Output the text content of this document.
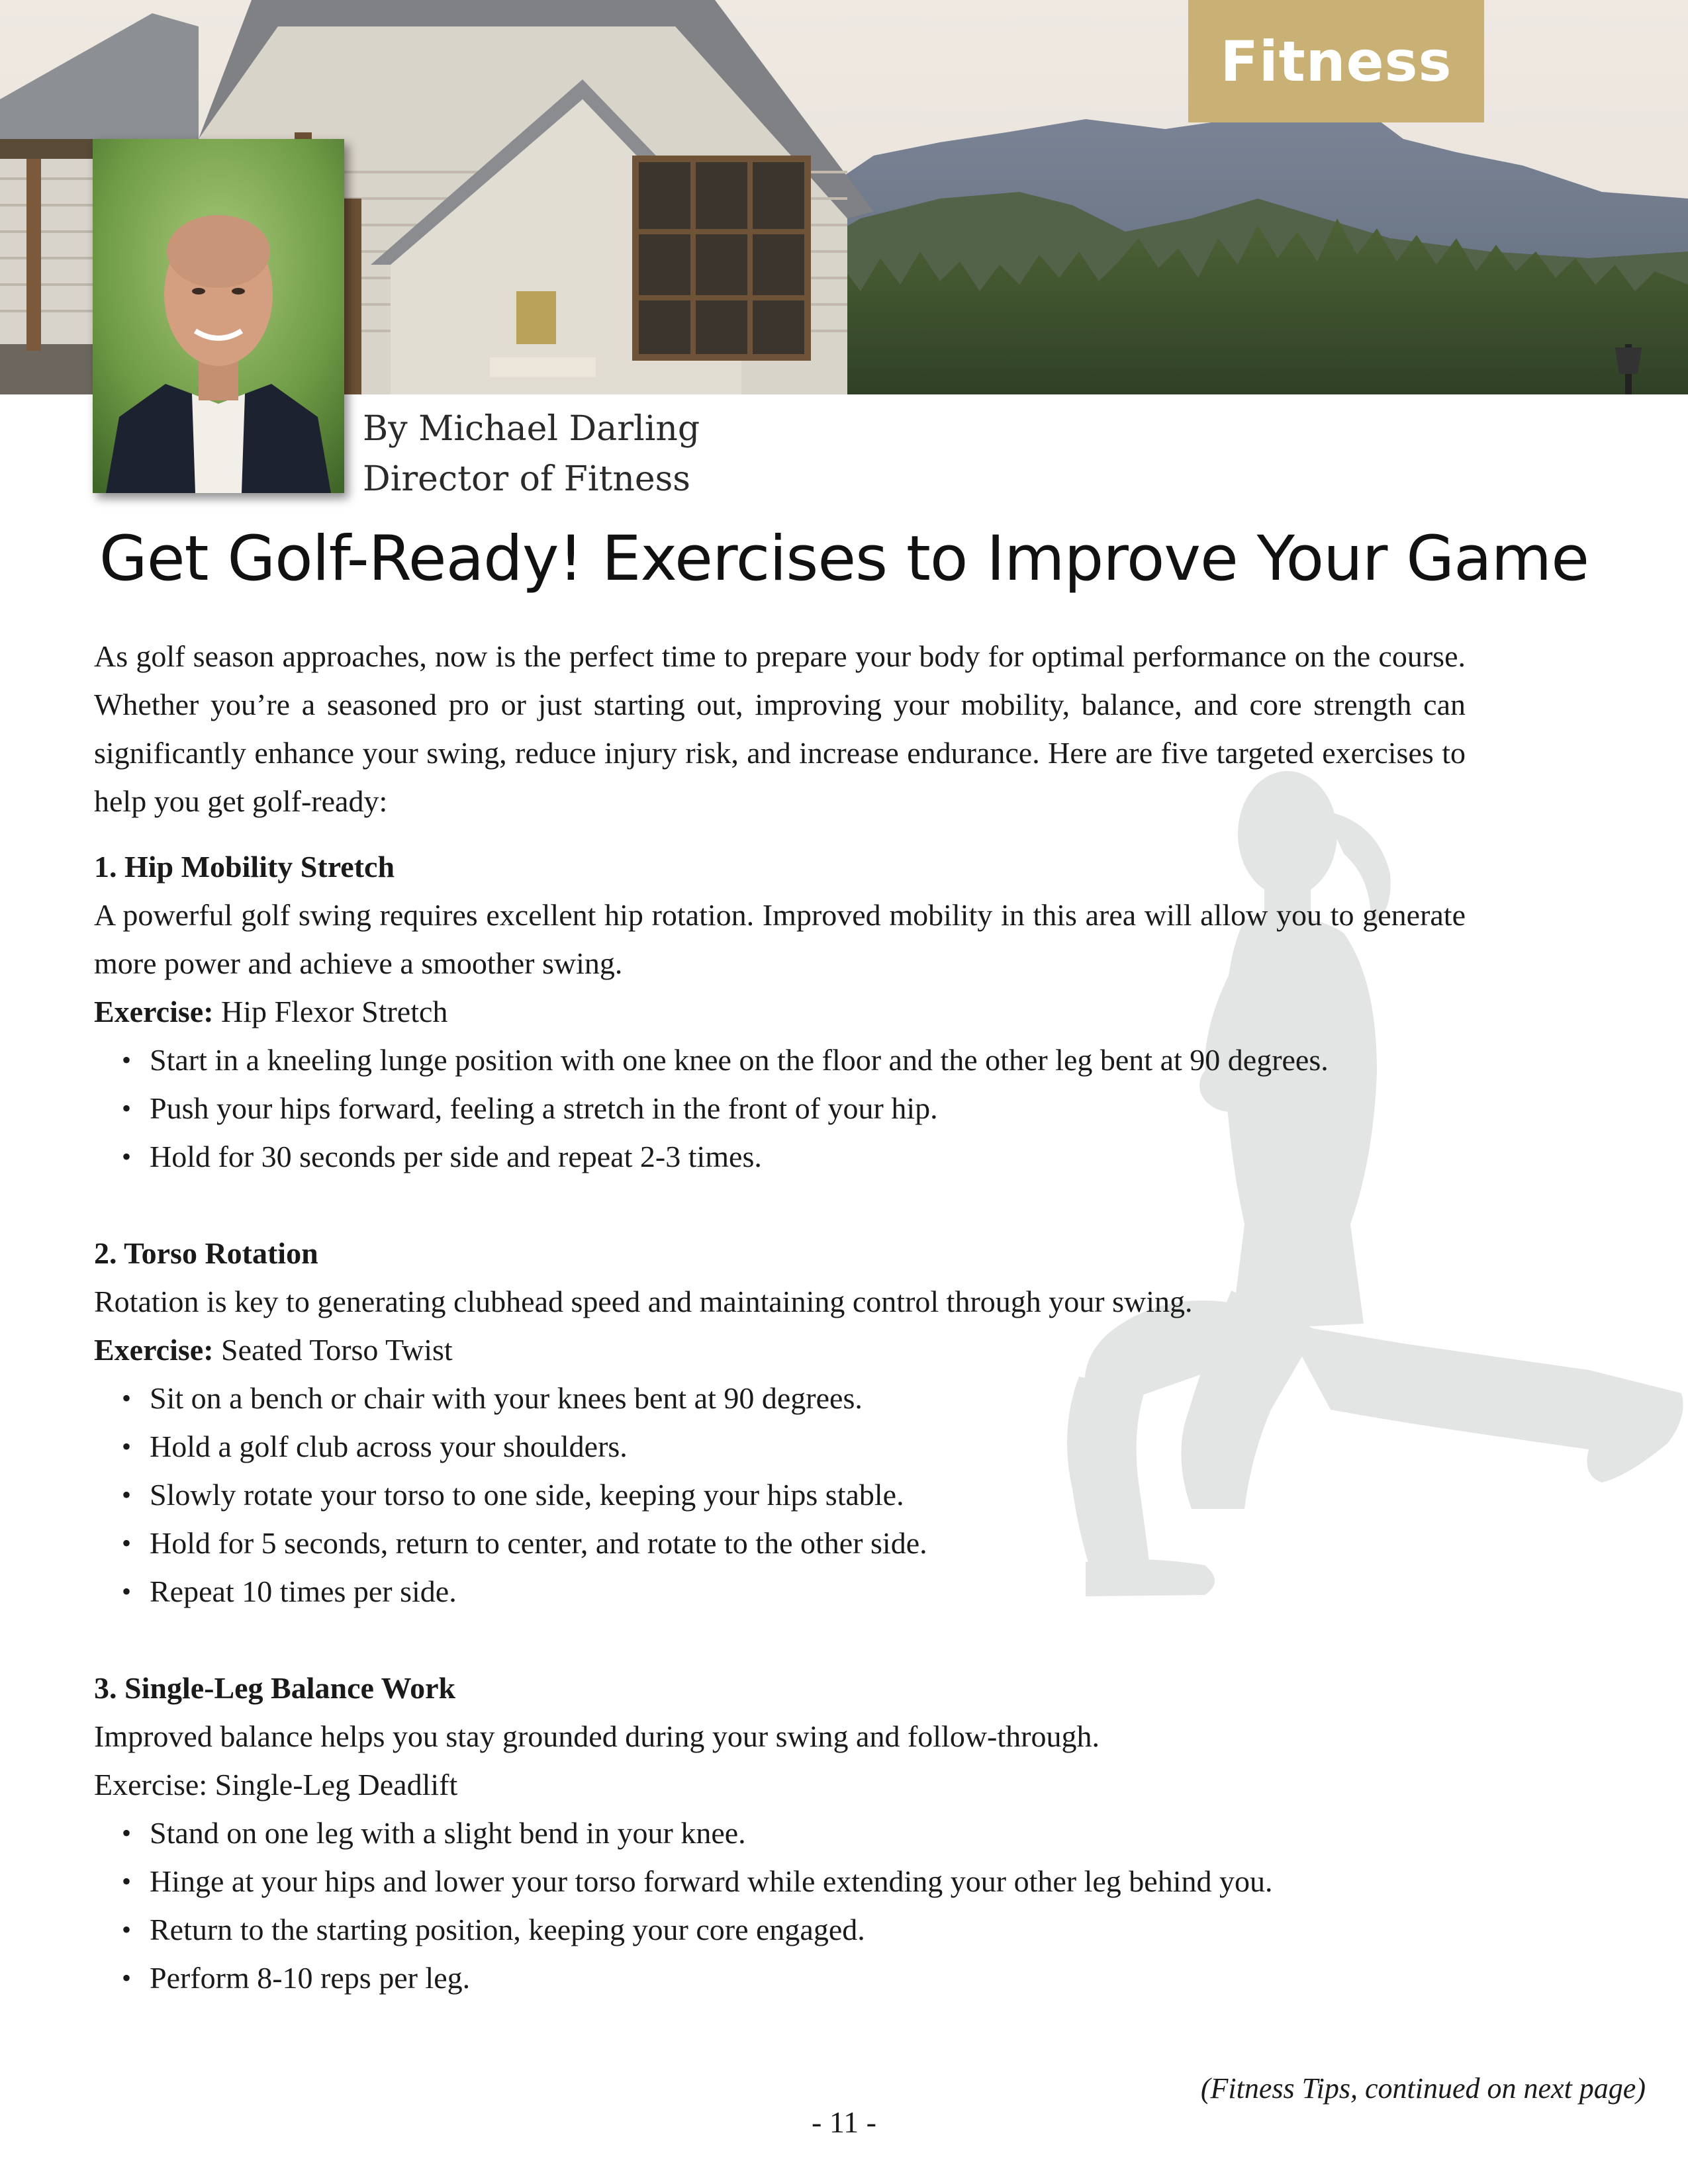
Fitness
By Michael Darling
Director of Fitness
Get Golf-Ready! Exercises to Improve Your Game

As golf season approaches, now is the perfect time to prepare your body for optimal performance on the course. Whether you’re a seasoned pro or just starting out, improving your mobility, balance, and core strength can significantly enhance your swing, reduce injury risk, and increase endurance. Here are five targeted exercises to help you get golf-ready:

1. Hip Mobility Stretch

A powerful golf swing requires excellent hip rotation. Improved mobility in this area will allow you to generate more power and achieve a smoother swing.

Exercise: Hip Flexor Stretch
• Start in a kneeling lunge position with one knee on the floor and the other leg bent at 90 degrees.
• Push your hips forward, feeling a stretch in the front of your hip.
• Hold for 30 seconds per side and repeat 2-3 times.
2. Torso Rotation

Rotation is key to generating clubhead speed and maintaining control through your swing.

Exercise: Seated Torso Twist
• Sit on a bench or chair with your knees bent at 90 degrees.
• Hold a golf club across your shoulders.
• Slowly rotate your torso to one side, keeping your hips stable.
• Hold for 5 seconds, return to center, and rotate to the other side.
• Repeat 10 times per side.
3. Single-Leg Balance Work

Improved balance helps you stay grounded during your swing and follow-through.

Exercise: Single-Leg Deadlift
• Stand on one leg with a slight bend in your knee.
• Hinge at your hips and lower your torso forward while extending your other leg behind you.
• Return to the starting position, keeping your core engaged.
• Perform 8-10 reps per leg.
(Fitness Tips, continued on next page)
- 11 -
